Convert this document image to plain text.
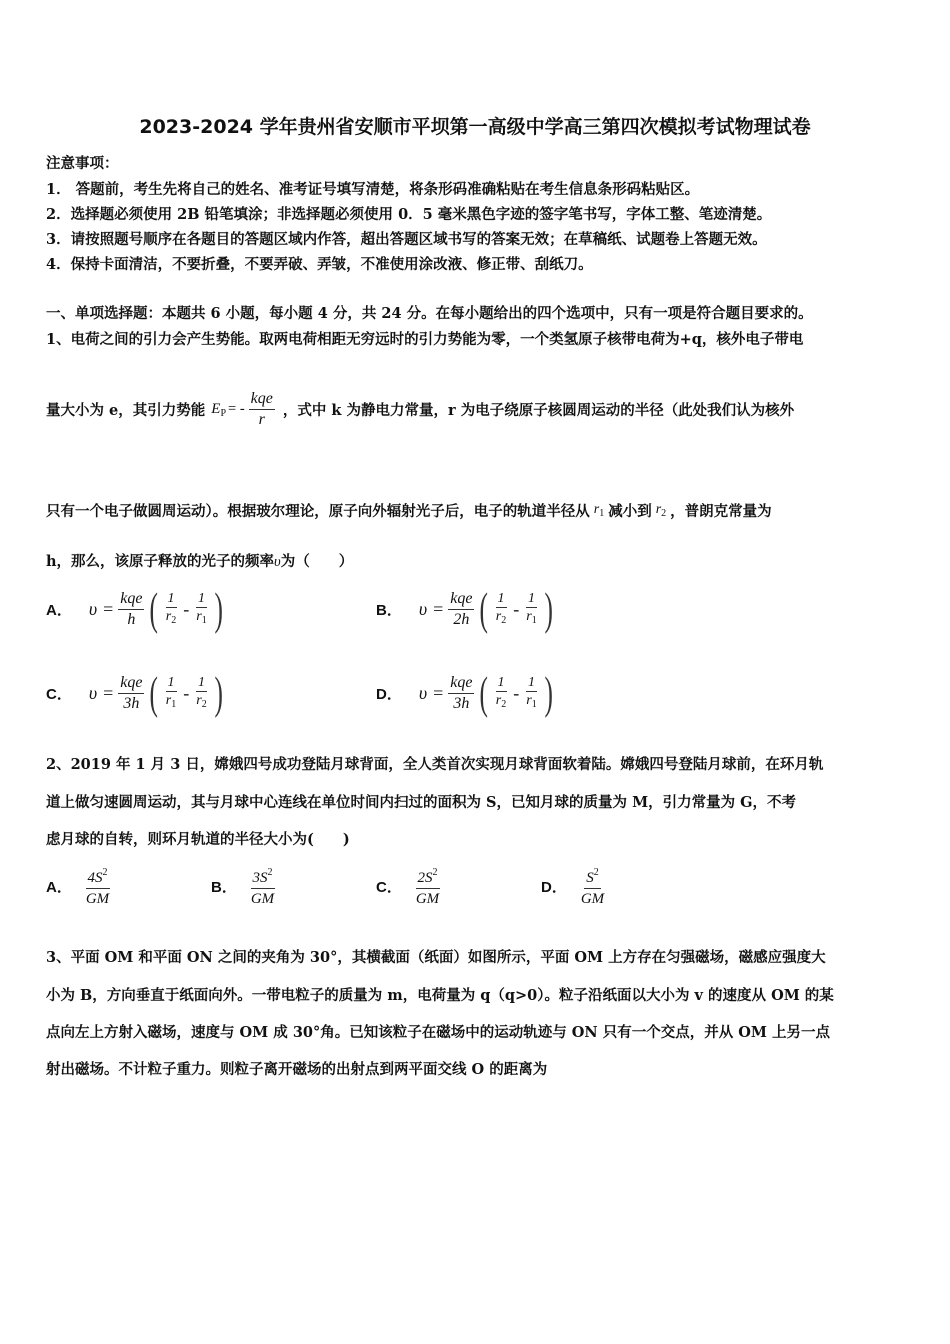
2023-2024 学年贵州省安顺市平坝第一高级中学高三第四次模拟考试物理试卷
注意事项：
1． 答题前，考生先将自己的姓名、准考证号填写清楚，将条形码准确粘贴在考生信息条形码粘贴区。
2．选择题必须使用 2B 铅笔填涂；非选择题必须使用 0．5 毫米黑色字迹的签字笔书写，字体工整、笔迹清楚。
3．请按照题号顺序在各题目的答题区域内作答，超出答题区域书写的答案无效；在草稿纸、试题卷上答题无效。
4．保持卡面清洁，不要折叠，不要弄破、弄皱，不准使用涂改液、修正带、刮纸刀。
一、单项选择题：本题共 6 小题，每小题 4 分，共 24 分。在每小题给出的四个选项中，只有一项是符合题目要求的。
1、电荷之间的引力会产生势能。取两电荷相距无穷远时的引力势能为零，一个类氢原子核带电荷为+q，核外电子带电
量大小为 e，其引力势能 $E_P$ = - $\frac{\text{kqe}}{r}$ ，式中 k 为静电力常量，r 为电子绕原子核圆周运动的半径（此处我们认为核外
只有一个电子做圆周运动）。根据玻尔理论，原子向外辐射光子后，电子的轨道半径从 $r_1$ 减小到 $r_2$ ，普朗克常量为
h，那么，该原子释放的光子的频率υ为（　　）
A． $\upsilon = \frac{\text{kqe}}{h}$ ( $\frac{1}{r_2} - \frac{1}{r_1}$ )	B． $\upsilon = \frac{\text{kqe}}{2h}$ ( $\frac{1}{r_2} - \frac{1}{r_1}$ )
C． $\upsilon = \frac{\text{kqe}}{3h}$ ( $\frac{1}{r_1} - \frac{1}{r_2}$ )	D． $\upsilon = \frac{\text{kqe}}{3h}$ ( $\frac{1}{r_2} - \frac{1}{r_1}$ )
2、2019 年 1 月 3 日，嫦娥四号成功登陆月球背面，全人类首次实现月球背面软着陆。嫦娥四号登陆月球前，在环月轨
道上做匀速圆周运动，其与月球中心连线在单位时间内扫过的面积为 S，已知月球的质量为 M，引力常量为 G，不考
虑月球的自转，则环月轨道的半径大小为(　　)
A． $\frac{4S^2}{GM}$	B． $\frac{3S^2}{GM}$	C． $\frac{2S^2}{GM}$	D． $\frac{S^2}{GM}$
3、平面 OM 和平面 ON 之间的夹角为 30°，其横截面（纸面）如图所示，平面 OM 上方存在匀强磁场，磁感应强度大
小为 B，方向垂直于纸面向外。一带电粒子的质量为 m，电荷量为 q（q>0）。粒子沿纸面以大小为 v 的速度从 OM 的某
点向左上方射入磁场，速度与 OM 成 30°角。已知该粒子在磁场中的运动轨迹与 ON 只有一个交点，并从 OM 上另一点
射出磁场。不计粒子重力。则粒子离开磁场的出射点到两平面交线 O 的距离为
